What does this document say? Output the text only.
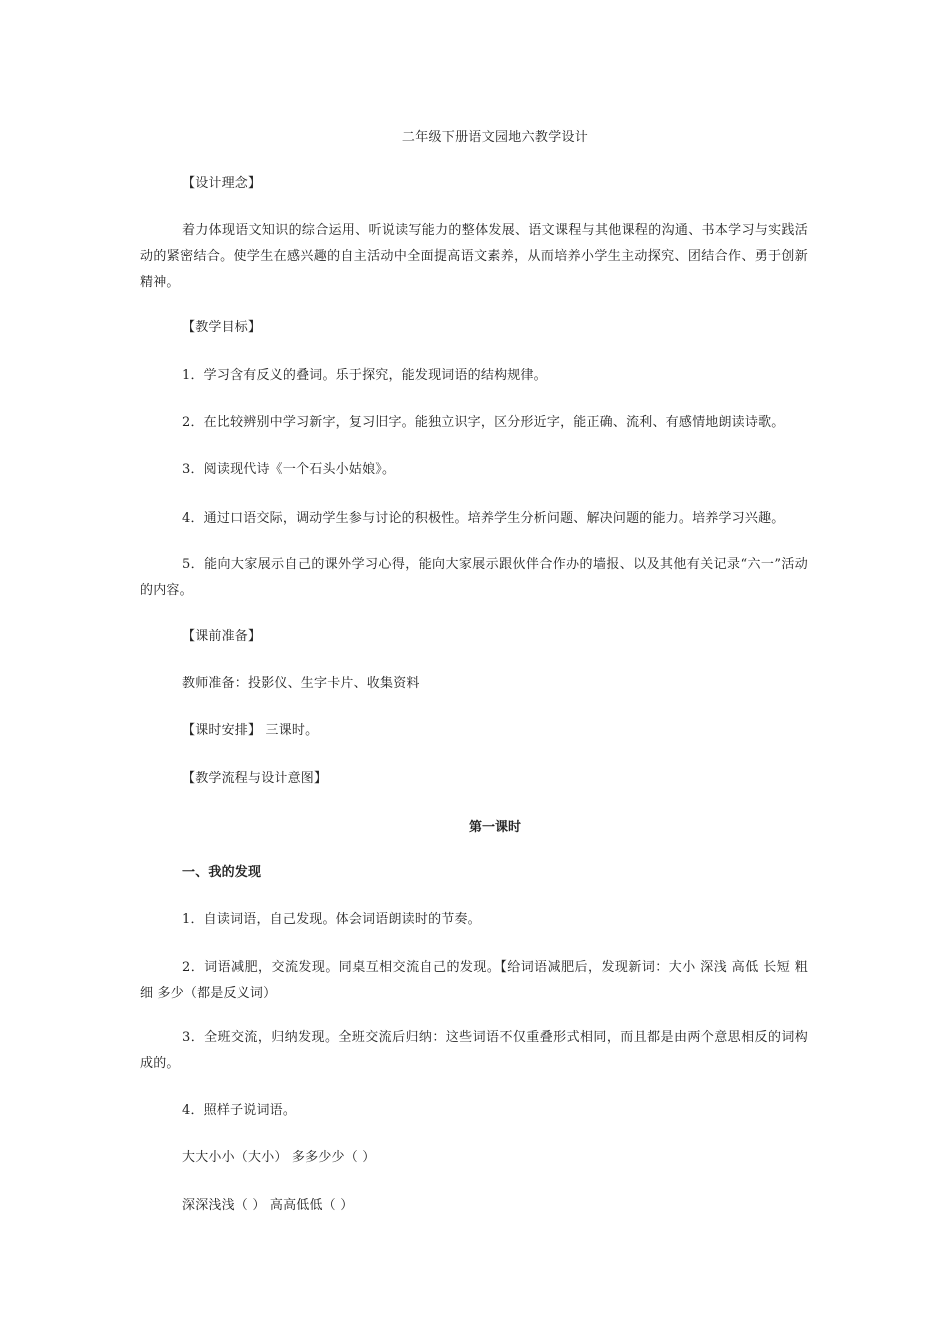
二年级下册语文园地六教学设计

【设计理念】

着力体现语文知识的综合运用、听说读写能力的整体发展、语文课程与其他课程的沟通、书本学习与实践活动的紧密结合。使学生在感兴趣的自主活动中全面提高语文素养，从而培养小学生主动探究、团结合作、勇于创新精神。

【教学目标】

1．学习含有反义的叠词。乐于探究，能发现词语的结构规律。

2．在比较辨别中学习新字，复习旧字。能独立识字，区分形近字，能正确、流利、有感情地朗读诗歌。

3．阅读现代诗《一个石头小姑娘》。

4．通过口语交际，调动学生参与讨论的积极性。培养学生分析问题、解决问题的能力。培养学习兴趣。

5．能向大家展示自己的课外学习心得，能向大家展示跟伙伴合作办的墙报、以及其他有关记录“六一”活动的内容。

【课前准备】

教师准备：投影仪、生字卡片、收集资料

【课时安排】 三课时。

【教学流程与设计意图】

第一课时

一、我的发现

1．自读词语，自己发现。体会词语朗读时的节奏。

2．词语减肥，交流发现。同桌互相交流自己的发现。【给词语减肥后，发现新词：大小 深浅 高低 长短 粗细 多少（都是反义词）

3．全班交流，归纳发现。全班交流后归纳：这些词语不仅重叠形式相同，而且都是由两个意思相反的词构成的。

4．照样子说词语。

大大小小（大小） 多多少少（ ）

深深浅浅（ ） 高高低低（ ）
